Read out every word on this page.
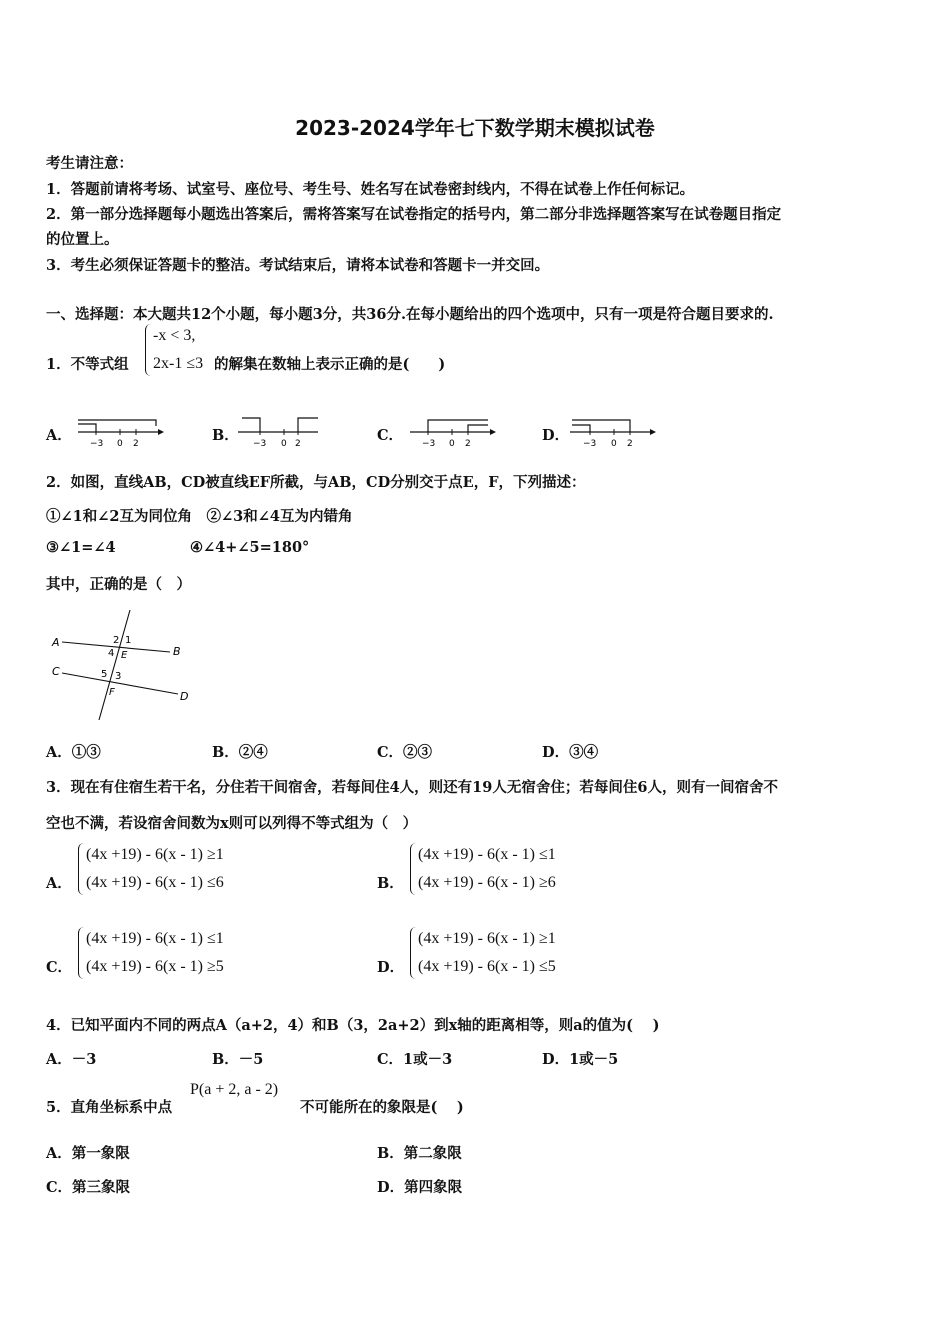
2023-2024学年七下数学期末模拟试卷
考生请注意：
1．答题前请将考场、试室号、座位号、考生号、姓名写在试卷密封线内，不得在试卷上作任何标记。
2．第一部分选择题每小题选出答案后，需将答案写在试卷指定的括号内，第二部分非选择题答案写在试卷题目指定
的位置上。
3．考生必须保证答题卡的整洁。考试结束后，请将本试卷和答题卡一并交回。
一、选择题：本大题共12个小题，每小题3分，共36分.在每小题给出的四个选项中，只有一项是符合题目要求的.
1．不等式组
-x < 3,
2x-1 ≤3 的解集在数轴上表示正确的是(　　)
A． −3 0 2	B． −3 0 2	C． −3 0 2	D． −3 0 2
2．如图，直线AB，CD被直线EF所截，与AB，CD分别交于点E，F，下列描述：
①∠1和∠2互为同位角　②∠3和∠4互为内错角
③∠1=∠4	④∠4+∠5=180°
其中，正确的是（　）
A
B
C
D
E
F
2 1
4
5 3
A．①③	B．②④	C．②③	D．③④
3．现在有住宿生若干名，分住若干间宿舍，若每间住4人，则还有19人无宿舍住；若每间住6人，则有一间宿舍不
空也不满，若设宿舍间数为x则可以列得不等式组为（　）
A．
(4x +19) - 6(x - 1) ≥1
(4x +19) - 6(x - 1) ≤6	B．
(4x +19) - 6(x - 1) ≤1
(4x +19) - 6(x - 1) ≥6
C．
(4x +19) - 6(x - 1) ≤1
(4x +19) - 6(x - 1) ≥5	D．
(4x +19) - 6(x - 1) ≥1
(4x +19) - 6(x - 1) ≤5
4．已知平面内不同的两点A（a+2，4）和B（3，2a+2）到x轴的距离相等，则a的值为(　 )
A．－3	B．－5	C．1或－3	D．1或－5
5．直角坐标系中点
P(a + 2, a - 2)
不可能所在的象限是(　 )
A．第一象限	B．第二象限
C．第三象限	D．第四象限
